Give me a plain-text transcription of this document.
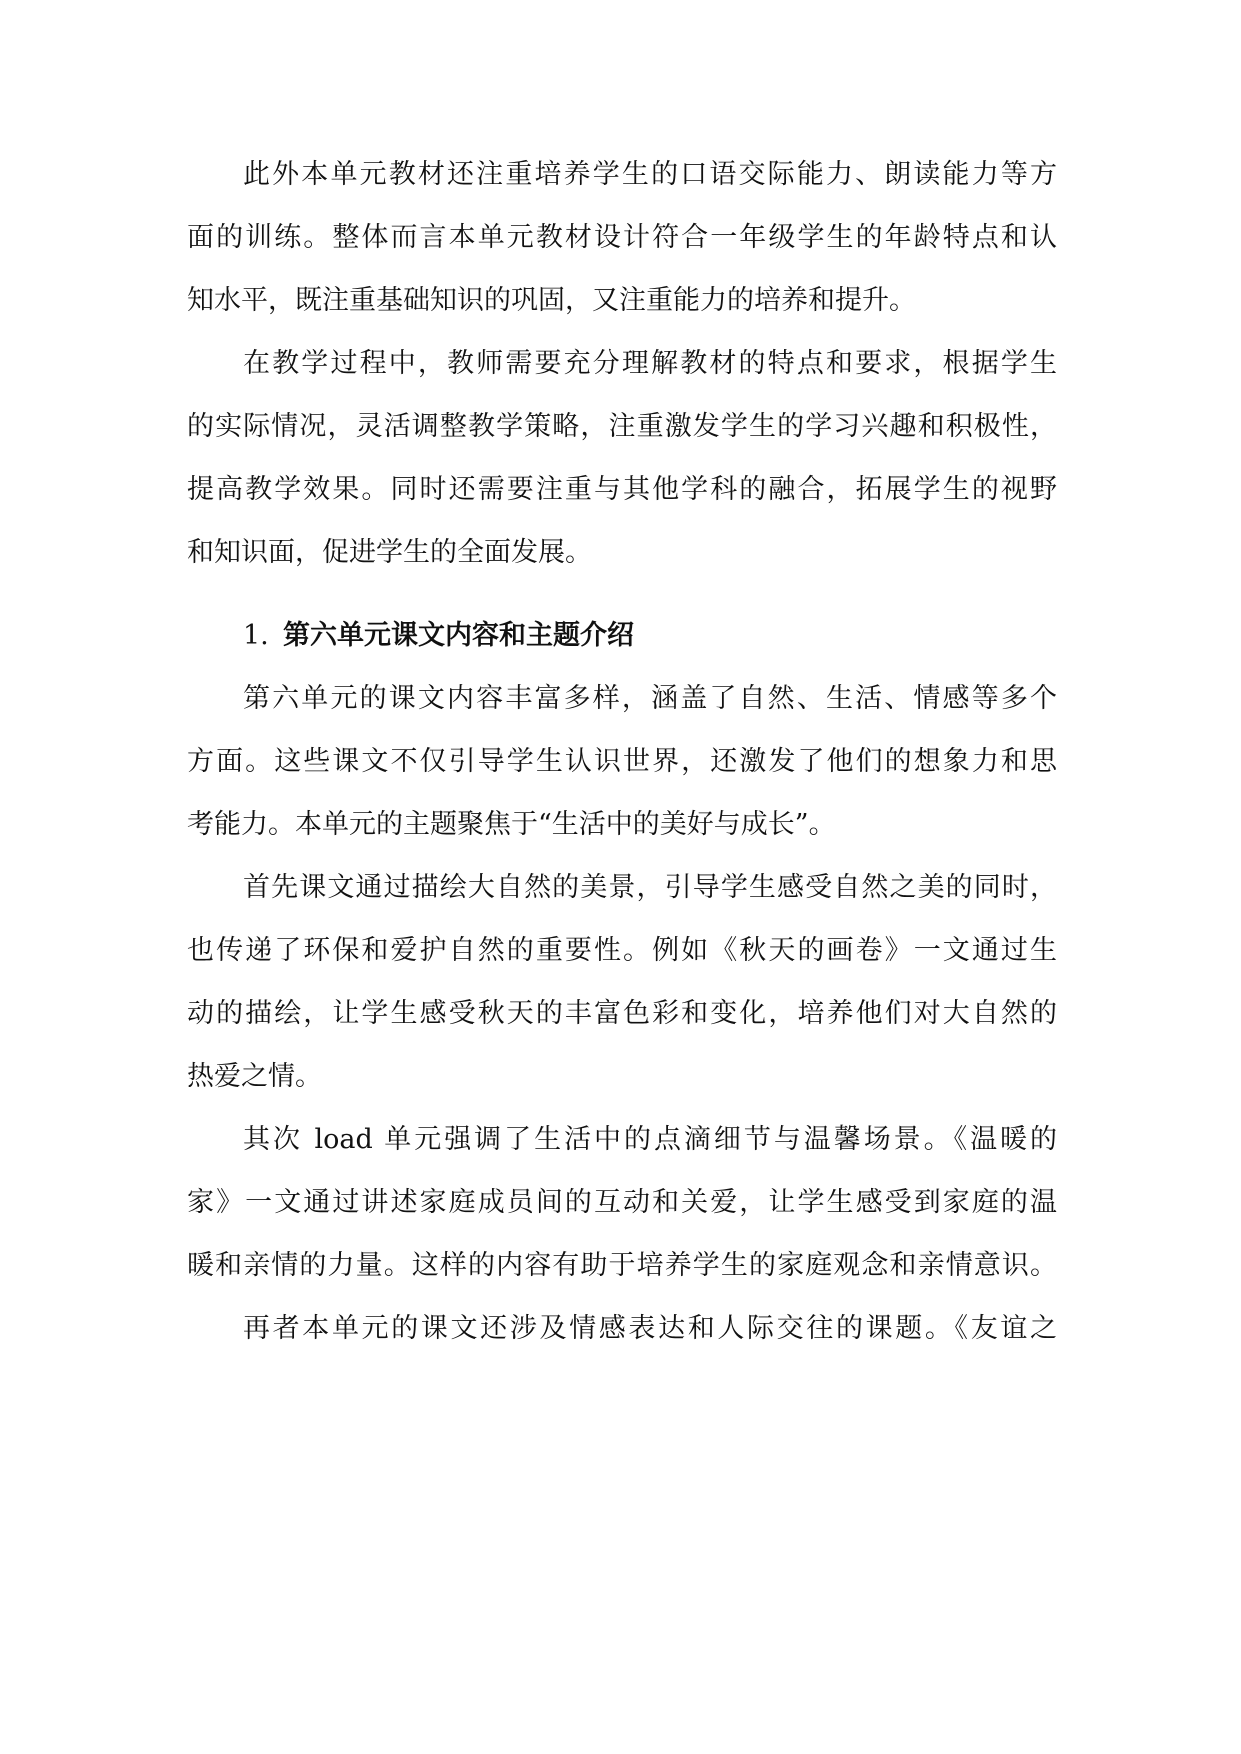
此外本单元教材还注重培养学生的口语交际能力、朗读能力等方
面的训练。整体而言本单元教材设计符合一年级学生的年龄特点和认
知水平，既注重基础知识的巩固，又注重能力的培养和提升。
在教学过程中，教师需要充分理解教材的特点和要求，根据学生
的实际情况，灵活调整教学策略，注重激发学生的学习兴趣和积极性，
提高教学效果。同时还需要注重与其他学科的融合，拓展学生的视野
和知识面，促进学生的全面发展。
1. 第六单元课文内容和主题介绍
第六单元的课文内容丰富多样，涵盖了自然、生活、情感等多个
方面。这些课文不仅引导学生认识世界，还激发了他们的想象力和思
考能力。本单元的主题聚焦于“生活中的美好与成长”。
首先课文通过描绘大自然的美景，引导学生感受自然之美的同时，
也传递了环保和爱护自然的重要性。例如《秋天的画卷》一文通过生
动的描绘，让学生感受秋天的丰富色彩和变化，培养他们对大自然的
热爱之情。
其次 load 单元强调了生活中的点滴细节与温馨场景。《温暖的
家》一文通过讲述家庭成员间的互动和关爱，让学生感受到家庭的温
暖和亲情的力量。这样的内容有助于培养学生的家庭观念和亲情意识。
再者本单元的课文还涉及情感表达和人际交往的课题。《友谊之
